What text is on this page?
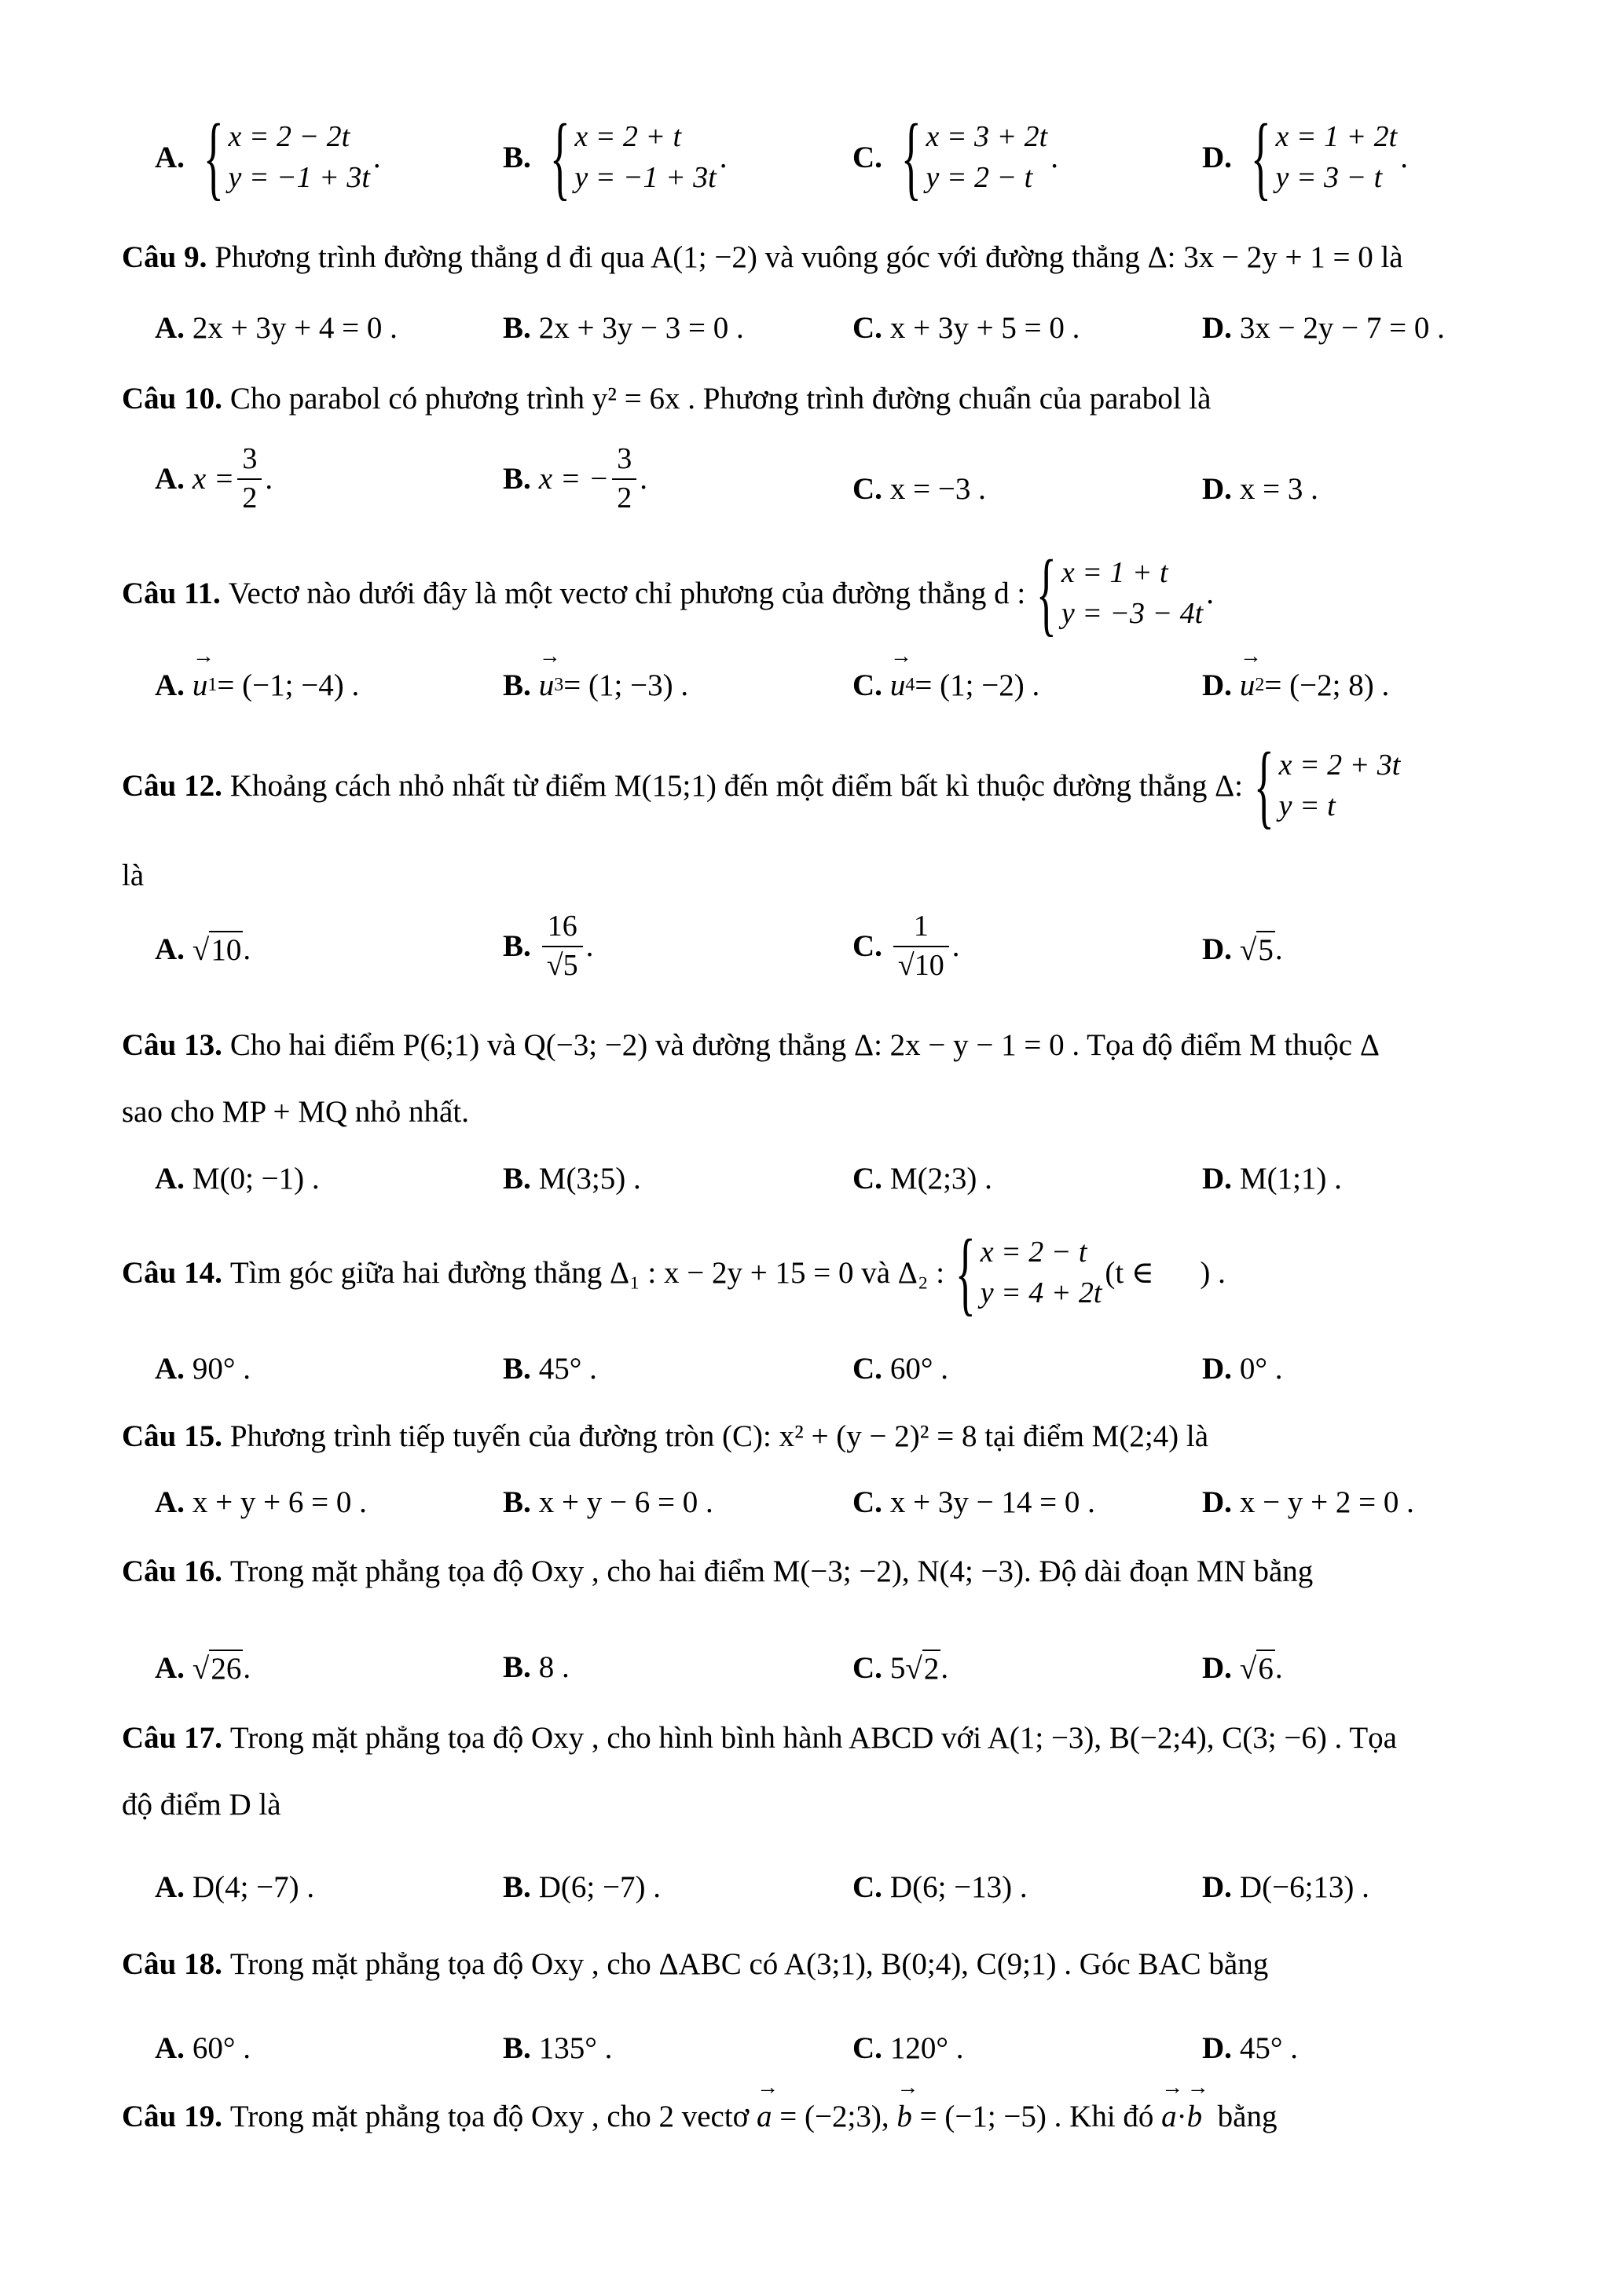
A. { x = 2 − 2t
y = −1 + 3t
.	B. { x = 2 + t
y = −1 + 3t
.	C. { x = 3 + 2t
y = 2 − t
.	D. { x = 1 + 2t
y = 3 − t
.
Câu 9. Phương trình đường thẳng d đi qua A(1; −2) và vuông góc với đường thẳng Δ: 3x − 2y + 1 = 0 là
A. 2x + 3y + 4 = 0 .	B. 2x + 3y − 3 = 0 .	C. x + 3y + 5 = 0 .	D. 3x − 2y − 7 = 0 .
Câu 10. Cho parabol có phương trình y² = 6x . Phương trình đường chuẩn của parabol là
A. $x = \frac{3}{2}$ .	B. x = − $\frac{3}{2}$ .	C. x = −3 .	D. x = 3 .
Câu 11. Vectơ nào dưới đây là một vectơ chỉ phương của đường thẳng d : { x = 1 + t
y = −3 − 4t
.
A. → u 1 = (−1; −4) .	B. → u 3 = (1; −3) .	C. → u 4 = (1; −2) .	D. → u 2 = (−2; 8) .
Câu 12. Khoảng cách nhỏ nhất từ điểm M(15;1) đến một điểm bất kì thuộc đường thẳng Δ: { x = 2 + 3t
y = t
là
A. √ 10 .	B. $\frac{16}{√5}$ .	C. $\frac{1}{√10}$ .	D. √ 5 .
Câu 13. Cho hai điểm P(6;1) và Q(−3; −2) và đường thẳng Δ: 2x − y − 1 = 0 . Tọa độ điểm M thuộc Δ
sao cho MP + MQ nhỏ nhất.
A. M(0; −1) .	B. M(3;5) .	C. M(2;3) .	D. M(1;1) .
Câu 14. Tìm góc giữa hai đường thẳng Δ₁ : x − 2y + 15 = 0 và Δ₂ : { x = 2 − t
y = 4 + 2t
(t ∈      ) .
A. 90° .	B. 45° .	C. 60° .	D. 0° .
Câu 15. Phương trình tiếp tuyến của đường tròn (C): x² + (y − 2)² = 8 tại điểm M(2;4) là
A. x + y + 6 = 0 .	B. x + y − 6 = 0 .	C. x + 3y − 14 = 0 .	D. x − y + 2 = 0 .
Câu 16. Trong mặt phẳng tọa độ Oxy , cho hai điểm M(−3; −2), N(4; −3). Độ dài đoạn MN bằng
A. √ 26 .	B. 8 .	C. 5 √ 2 .	D. √ 6 .
Câu 17. Trong mặt phẳng tọa độ Oxy , cho hình bình hành ABCD với A(1; −3), B(−2;4), C(3; −6) . Tọa
độ điểm D là
A. D(4; −7) .	B. D(6; −7) .	C. D(6; −13) .	D. D(−6;13) .
Câu 18. Trong mặt phẳng tọa độ Oxy , cho ΔABC có A(3;1), B(0;4), C(9;1) . Góc BAC bằng
A. 60° .	B. 135° .	C. 120° .	D. 45° .
Câu 19. Trong mặt phẳng tọa độ Oxy , cho 2 vectơ → a = (−2;3), → b = (−1; −5) . Khi đó → a · → b bằng
